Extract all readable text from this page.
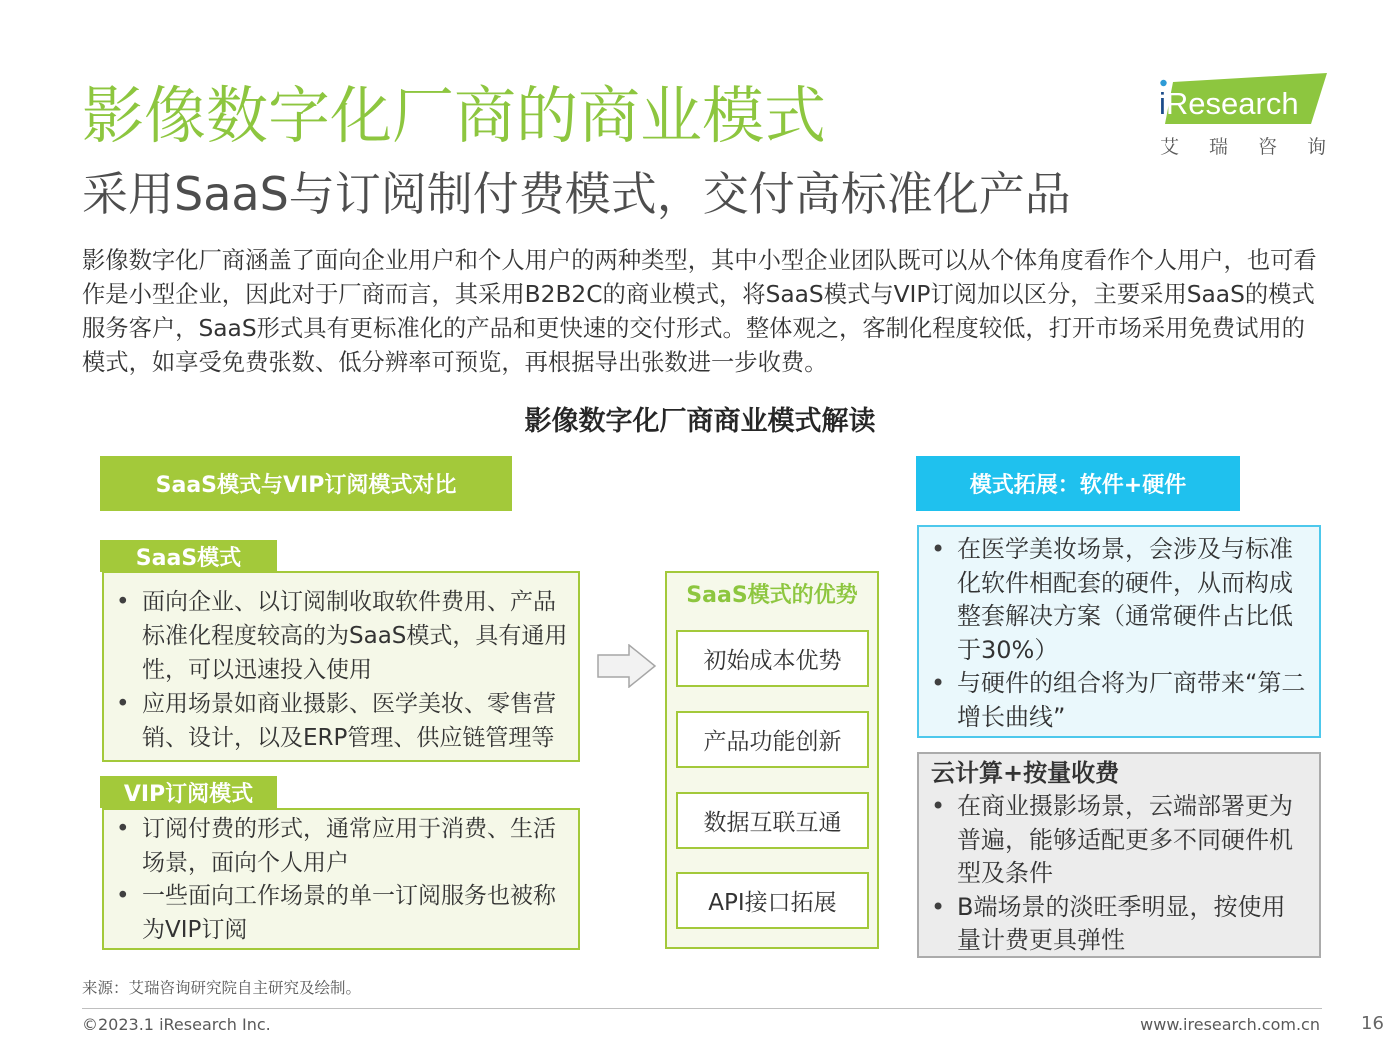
影像数字化厂商的商业模式
采用SaaS与订阅制付费模式，交付高标准化产品
iResearch
艾瑞咨询
影像数字化厂商涵盖了面向企业用户和个人用户的两种类型，其中小型企业团队既可以从个体角度看作个人用户，也可看作是小型企业，因此对于厂商而言，其采用B2B2C的商业模式，将SaaS模式与VIP订阅加以区分，主要采用SaaS的模式服务客户，SaaS形式具有更标准化的产品和更快速的交付形式。整体观之，客制化程度较低，打开市场采用免费试用的模式，如享受免费张数、低分辨率可预览，再根据导出张数进一步收费。
影像数字化厂商商业模式解读
SaaS模式与VIP订阅模式对比	模式拓展：软件+硬件
SaaS模式
• 面向企业、以订阅制收取软件费用、产品标准化程度较高的为SaaS模式，具有通用性，可以迅速投入使用
• 应用场景如商业摄影、医学美妆、零售营销、设计，以及ERP管理、供应链管理等
VIP订阅模式
• 订阅付费的形式，通常应用于消费、生活场景，面向个人用户
• 一些面向工作场景的单一订阅服务也被称为VIP订阅
SaaS模式的优势
初始成本优势
产品功能创新
数据互联互通
API接口拓展
• 在医学美妆场景，会涉及与标准化软件相配套的硬件，从而构成整套解决方案（通常硬件占比低于30%）
• 与硬件的组合将为厂商带来“第二增长曲线”
云计算+按量收费
• 在商业摄影场景，云端部署更为普遍，能够适配更多不同硬件机型及条件
• B端场景的淡旺季明显，按使用量计费更具弹性
来源：艾瑞咨询研究院自主研究及绘制。
©2023.1 iResearch Inc.	www.iresearch.com.cn 16
